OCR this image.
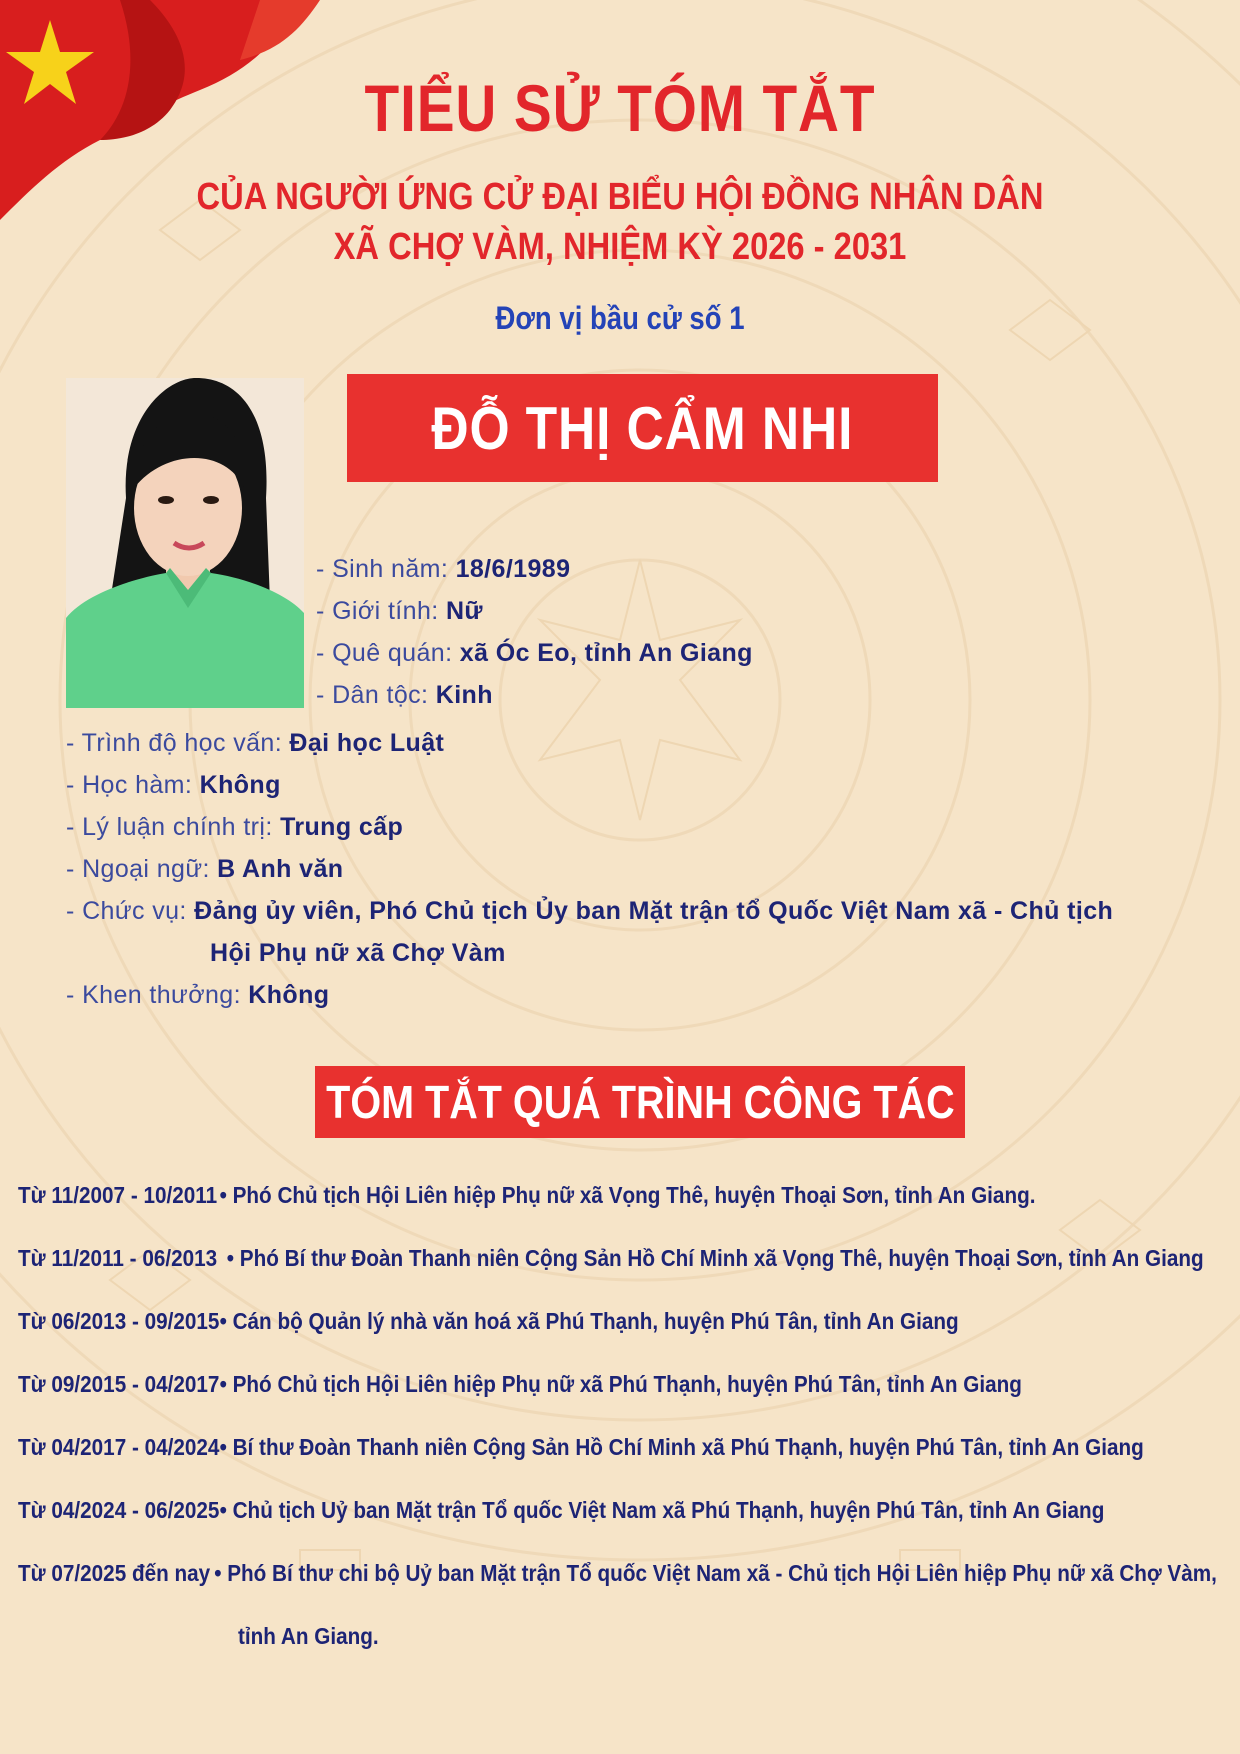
TIỂU SỬ TÓM TẮT
CỦA NGƯỜI ỨNG CỬ ĐẠI BIỂU HỘI ĐỒNG NHÂN DÂN
XÃ CHỢ VÀM, NHIỆM KỲ 2026 - 2031
Đơn vị bầu cử số 1
ĐỖ THỊ CẨM NHI
- Sinh năm: 18/6/1989
- Giới tính: Nữ
- Quê quán: xã Óc Eo, tỉnh An Giang
- Dân tộc: Kinh
- Trình độ học vấn: Đại học Luật
- Học hàm: Không
- Lý luận chính trị: Trung cấp
- Ngoại ngữ: B Anh văn
- Chức vụ: Đảng ủy viên, Phó Chủ tịch Ủy ban Mặt trận tổ Quốc Việt Nam xã - Chủ tịch
Hội Phụ nữ xã Chợ Vàm
- Khen thưởng: Không
TÓM TẮT QUÁ TRÌNH CÔNG TÁC
Từ 11/2007 - 10/2011 • Phó Chủ tịch Hội Liên hiệp Phụ nữ xã Vọng Thê, huyện Thoại Sơn, tỉnh An Giang.
Từ 11/2011 - 06/2013 • Phó Bí thư Đoàn Thanh niên Cộng Sản Hồ Chí Minh xã Vọng Thê, huyện Thoại Sơn, tỉnh An Giang
Từ 06/2013 - 09/2015• Cán bộ Quản lý nhà văn hoá xã Phú Thạnh, huyện Phú Tân, tỉnh An Giang
Từ 09/2015 - 04/2017• Phó Chủ tịch Hội Liên hiệp Phụ nữ xã Phú Thạnh, huyện Phú Tân, tỉnh An Giang
Từ 04/2017 - 04/2024• Bí thư Đoàn Thanh niên Cộng Sản Hồ Chí Minh xã Phú Thạnh, huyện Phú Tân, tỉnh An Giang
Từ 04/2024 - 06/2025• Chủ tịch Uỷ ban Mặt trận Tổ quốc Việt Nam xã Phú Thạnh, huyện Phú Tân, tỉnh An Giang
Từ 07/2025 đến nay • Phó Bí thư chi bộ Uỷ ban Mặt trận Tổ quốc Việt Nam xã - Chủ tịch Hội Liên hiệp Phụ nữ xã Chợ Vàm,
tỉnh An Giang.
